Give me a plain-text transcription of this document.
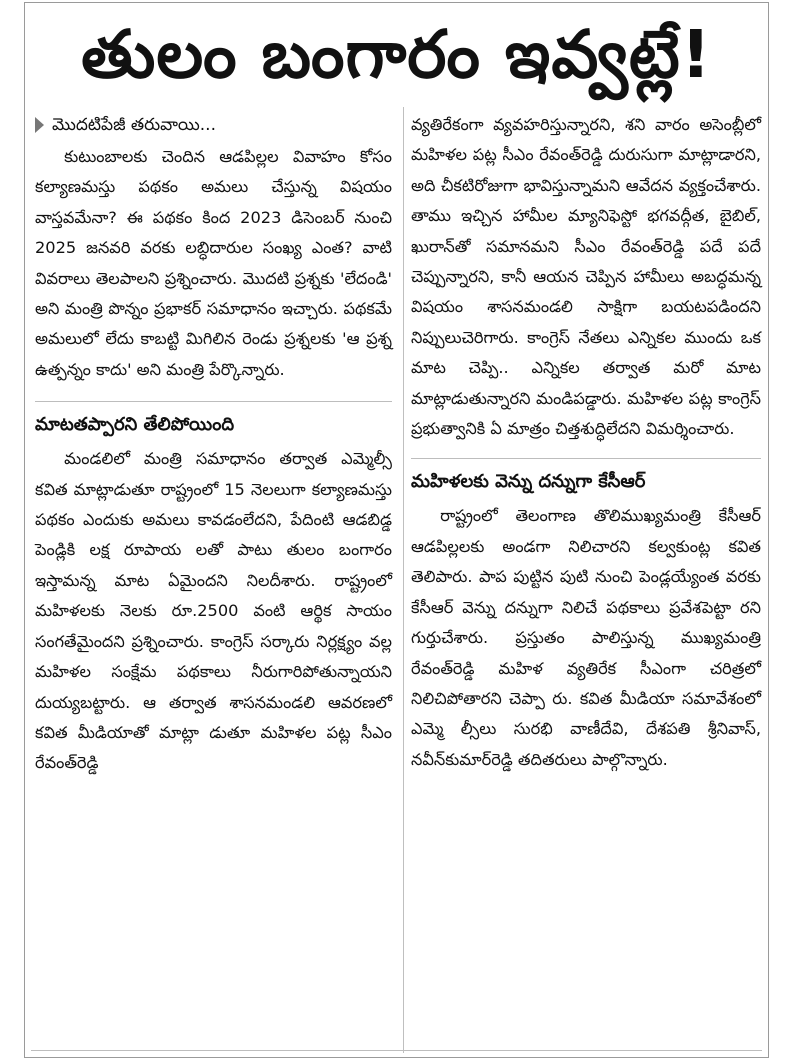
తులం బంగారం ఇవ్వట్లే!
మొదటిపేజీ తరువాయి...

కుటుంబాలకు చెందిన ఆడపిల్లల వివాహం కోసం కల్యాణమస్తు పథకం అమలు చేస్తున్న విషయం వాస్తవమేనా? ఈ పథకం కింద 2023 డిసెంబర్ నుంచి 2025 జనవరి వరకు లబ్ధిదారుల సంఖ్య ఎంత? వాటి వివరాలు తెలపాలని ప్రశ్నించారు. మొదటి ప్రశ్నకు 'లేదండి' అని మంత్రి పొన్నం ప్రభాకర్ సమాధానం ఇచ్చారు. పథకమే అమలులో లేదు కాబట్టి మిగిలిన రెండు ప్రశ్నలకు 'ఆ ప్రశ్న ఉత్పన్నం కాదు' అని మంత్రి పేర్కొన్నారు.

మాటతప్పారని తేలిపోయింది

మండలిలో మంత్రి సమాధానం తర్వాత ఎమ్మెల్సీ కవిత మాట్లాడుతూ రాష్ట్రంలో 15 నెలలుగా కల్యాణమస్తు పథకం ఎందుకు అమలు కావడంలేదని, పేదింటి ఆడబిడ్డ పెండ్లికి లక్ష రూపాయ లతో పాటు తులం బంగారం ఇస్తామన్న మాట ఏమైందని నిలదీశారు. రాష్ట్రంలో మహిళలకు నెలకు రూ.2500 వంటి ఆర్థిక సాయం సంగతేమైందని ప్రశ్నించారు. కాంగ్రెస్ సర్కారు నిర్లక్ష్యం వల్ల మహిళల సంక్షేమ పథకాలు నీరుగారిపోతున్నాయని దుయ్యబట్టారు. ఆ తర్వాత శాసనమండలి ఆవరణలో కవిత మీడియాతో మాట్లా డుతూ మహిళల పట్ల సీఎం రేవంత్‌రెడ్డి

వ్యతిరేకంగా వ్యవహరిస్తున్నారని, శని వారం అసెంబ్లీలో మహిళల పట్ల సీఎం రేవంత్‌రెడ్డి దురుసుగా మాట్లాడారని, అది చీకటిరోజుగా భావిస్తున్నామని ఆవేదన వ్యక్తంచేశారు. తాము ఇచ్చిన హామీల మ్యానిఫెస్టో భగవద్గీత, బైబిల్, ఖురాన్‌తో సమానమని సీఎం రేవంత్‌రెడ్డి పదే పదే చెప్పున్నారని, కానీ ఆయన చెప్పిన హామీలు అబద్ధమన్న విషయం శాసనమండలి సాక్షిగా బయటపడిందని నిప్పులుచెరిగారు. కాంగ్రెస్ నేతలు ఎన్నికల ముందు ఒక మాట చెప్పి.. ఎన్నికల తర్వాత మరో మాట మాట్లాడుతున్నారని మండిపడ్డారు. మహిళల పట్ల కాంగ్రెస్ ప్రభుత్వానికి ఏ మాత్రం చిత్తశుద్ధిలేదని విమర్శించారు.

మహిళలకు వెన్ను దన్నుగా కేసీఆర్

రాష్ట్రంలో తెలంగాణ తొలిముఖ్యమంత్రి కేసీఆర్ ఆడపిల్లలకు అండగా నిలిచారని కల్వకుంట్ల కవిత తెలిపారు. పాప పుట్టిన పుటి నుంచి పెండ్లయ్యేంత వరకు కేసీఆర్ వెన్ను దన్నుగా నిలిచే పథకాలు ప్రవేశపెట్టా రని గుర్తుచేశారు. ప్రస్తుతం పాలిస్తున్న ముఖ్యమంత్రి రేవంత్‌రెడ్డి మహిళ వ్యతిరేక సీఎంగా చరిత్రలో నిలిచిపోతారని చెప్పా రు. కవిత మీడియా సమావేశంలో ఎమ్మె ల్సీలు సురభి వాణీదేవి, దేశపతి శ్రీనివాస్, నవీన్‌కుమార్‌రెడ్డి తదితరులు పాల్గొన్నారు.
